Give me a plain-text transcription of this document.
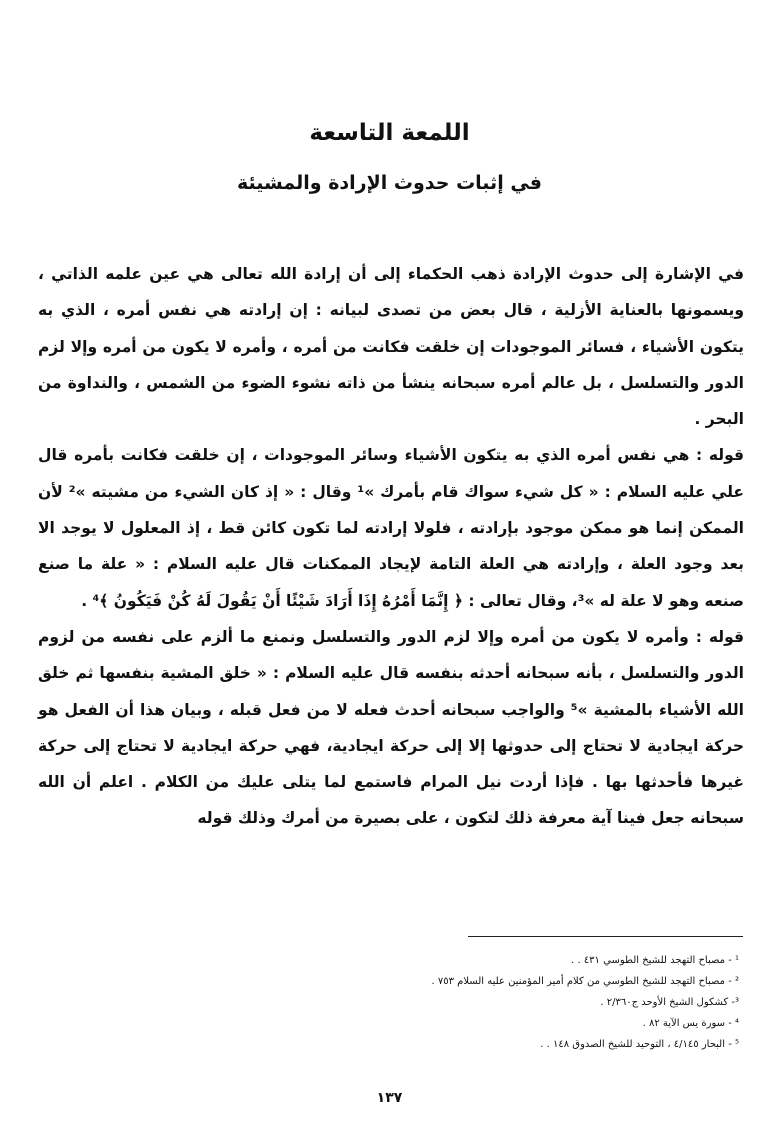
اللمعة التاسعة
في إثبات حدوث الإرادة والمشيئة

في الإشارة إلى حدوث الإرادة ذهب الحكماء إلى أن إرادة الله تعالى هي عين علمه الذاتي ، ويسمونها بالعناية الأزلية ، قال بعض من تصدى لبيانه : إن إرادته هي نفس أمره ، الذي به يتكون الأشياء ، فسائر الموجودات إن خلقت فكانت من أمره ، وأمره لا يكون من أمره وإلا لزم الدور والتسلسل ، بل عالم أمره سبحانه ينشأ من ذاته نشوء الضوء من الشمس ، والنداوة من البحر .

قوله : هي نفس أمره الذي به يتكون الأشياء وسائر الموجودات ، إن خلقت فكانت بأمره قال علي عليه السلام : « كل شيء سواك قام بأمرك »¹ وقال : « إذ كان الشيء من مشيته »² لأن الممكن إنما هو ممكن موجود بإرادته ، فلولا إرادته لما تكون كائن قط ، إذ المعلول لا يوجد الا بعد وجود العلة ، وإرادته هي العلة التامة لإيجاد الممكنات قال عليه السلام : « علة ما صنع صنعه وهو لا علة له »³، وقال تعالى : ﴿ إِنَّمَا أَمْرُهُ إِذَا أَرَادَ شَيْئًا أَنْ يَقُولَ لَهُ كُنْ فَيَكُونُ ﴾⁴ .

قوله : وأمره لا يكون من أمره وإلا لزم الدور والتسلسل ونمنع ما ألزم على نفسه من لزوم الدور والتسلسل ، بأنه سبحانه أحدثه بنفسه قال عليه السلام : « خلق المشية بنفسها ثم خلق الله الأشياء بالمشية »⁵ والواجب سبحانه أحدث فعله لا من فعل قبله ، وبيان هذا أن الفعل هو حركة ايجادية لا تحتاج إلى حدوثها إلا إلى حركة ايجادية، فهي حركة ايجادية لا تحتاج إلى حركة غيرها فأحدثها بها . فإذا أردت نيل المرام فاستمع لما يتلى عليك من الكلام . اعلم أن الله سبحانه جعل فينا آية معرفة ذلك لتكون ، على بصيرة من أمرك وذلك قوله

¹ - مصباح التهجد للشيخ الطوسي ٤٣١ . .
² - مصباح التهجد للشيخ الطوسي من كلام أمير المؤمنين عليه السلام ٧٥٣ .
³- كشكول الشيخ الأوحد ج٢/٣٦٠ .
⁴ - سورة يس الآية ٨٢ .
⁵ - البحار ٤/١٤٥ ، التوحيد للشيخ الصدوق ١٤٨ . .
١٣٧
